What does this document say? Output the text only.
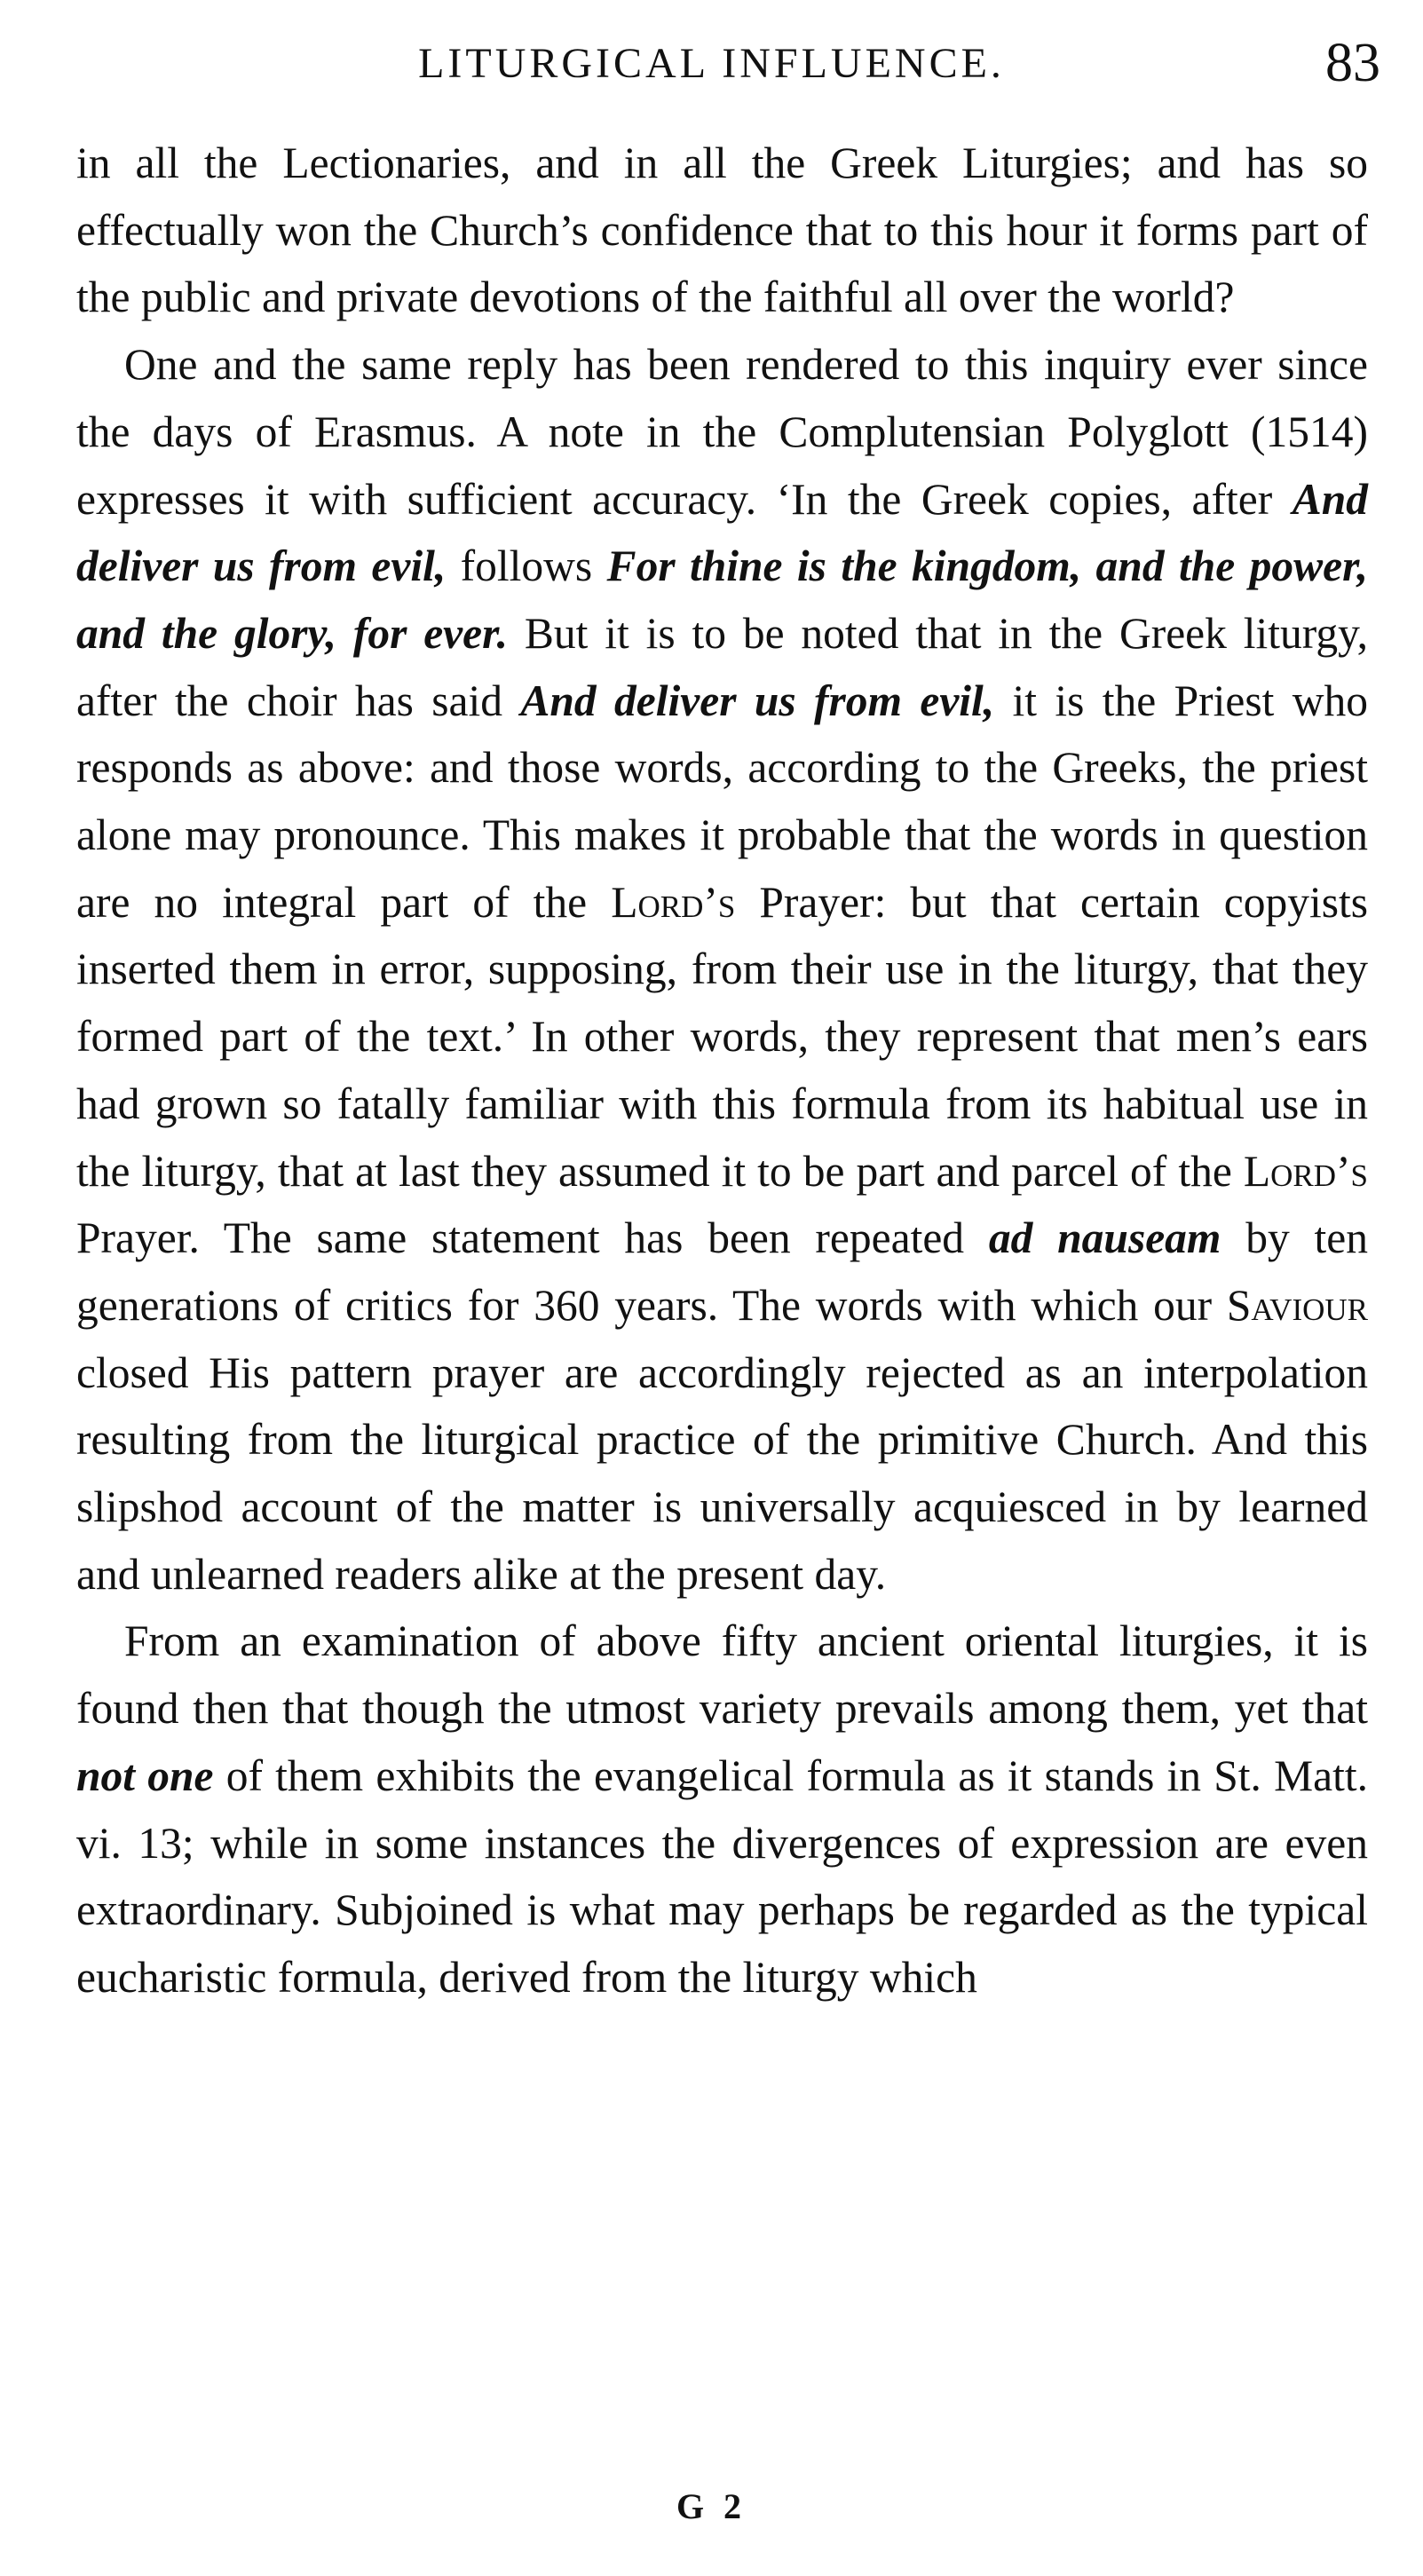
LITURGICAL INFLUENCE.	83

in all the Lectionaries, and in all the Greek Liturgies; and has so effectually won the Church’s confidence that to this hour it forms part of the public and private devotions of the faithful all over the world?

One and the same reply has been rendered to this inquiry ever since the days of Erasmus. A note in the Complutensian Polyglott (1514) expresses it with sufficient accuracy. ‘In the Greek copies, after And deliver us from evil, follows For thine is the kingdom, and the power, and the glory, for ever. But it is to be noted that in the Greek liturgy, after the choir has said And deliver us from evil, it is the Priest who responds as above: and those words, according to the Greeks, the priest alone may pronounce. This makes it probable that the words in question are no integral part of the Lord’s Prayer: but that certain copyists inserted them in error, supposing, from their use in the liturgy, that they formed part of the text.’ In other words, they represent that men’s ears had grown so fatally familiar with this formula from its habitual use in the liturgy, that at last they assumed it to be part and parcel of the Lord’s Prayer. The same statement has been repeated ad nauseam by ten generations of critics for 360 years. The words with which our Saviour closed His pattern prayer are accordingly rejected as an interpolation resulting from the liturgical practice of the primitive Church. And this slipshod account of the matter is universally acquiesced in by learned and unlearned readers alike at the present day.

From an examination of above fifty ancient oriental liturgies, it is found then that though the utmost variety prevails among them, yet that not one of them exhibits the evangelical formula as it stands in St. Matt. vi. 13; while in some instances the divergences of expression are even extraordinary. Subjoined is what may perhaps be regarded as the typical eucharistic formula, derived from the liturgy which

G 2
